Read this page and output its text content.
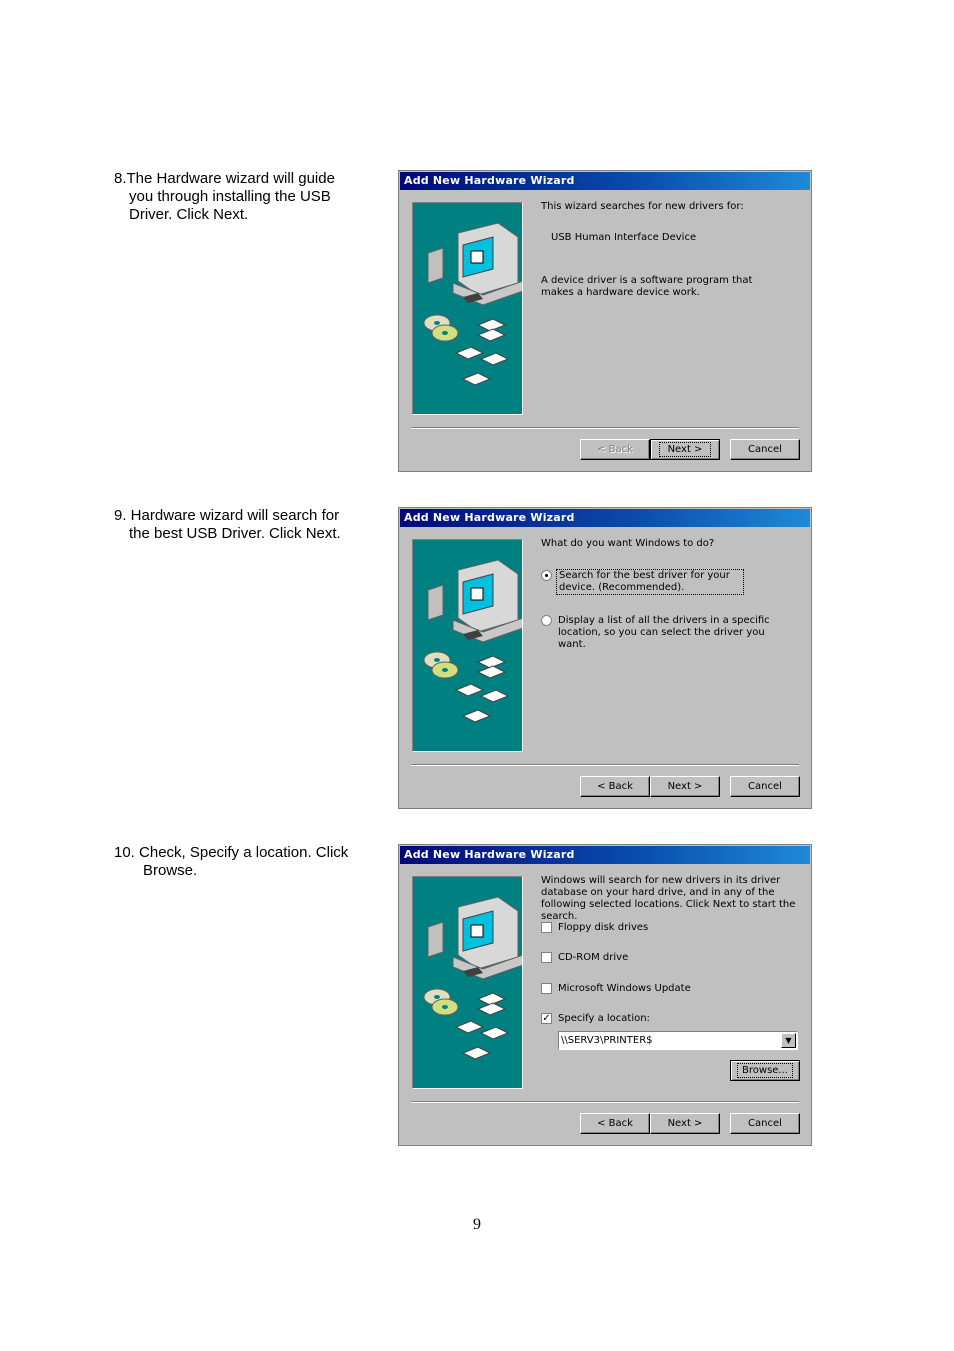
8.The Hardware wizard will guide
you through installing the USB
Driver. Click Next.
Add New Hardware Wizard
This wizard searches for new drivers for:
USB Human Interface Device
A device driver is a software program that makes a hardware device work.
< Back	Next >	Cancel
9. Hardware wizard will search for
the best USB Driver. Click Next.
Add New Hardware Wizard
What do you want Windows to do?
Search for the best driver for your device. (Recommended).
Display a list of all the drivers in a specific location, so you can select the driver you want.
< Back	Next >	Cancel
10. Check, Specify a location. Click
Browse.
Add New Hardware Wizard
Windows will search for new drivers in its driver database on your hard drive, and in any of the following selected locations. Click Next to start the search.
Floppy disk drives
CD-ROM drive
Microsoft Windows Update
✓ Specify a location:
\\SERV3\PRINTER$	▼
Browse...
< Back	Next >	Cancel
9
